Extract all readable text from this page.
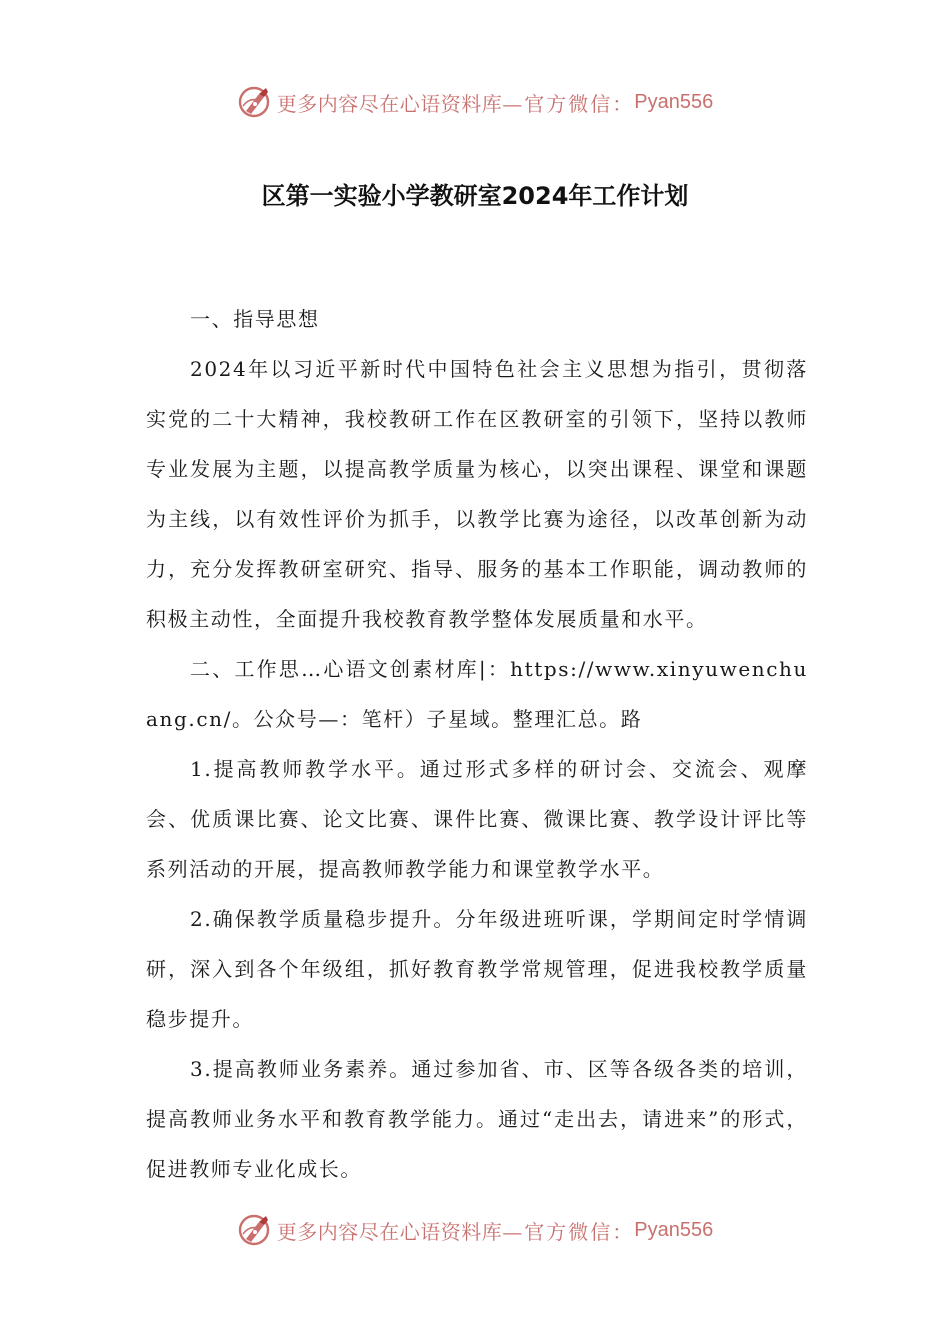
更多内容尽在心语资料库 —官方微信： Pyan556
区第一实验小学教研室2024年工作计划

一、指导思想

2024年以习近平新时代中国特色社会主义思想为指引，贯彻落实党的二十大精神，我校教研工作在区教研室的引领下，坚持以教师专业发展为主题，以提高教学质量为核心，以突出课程、课堂和课题为主线，以有效性评价为抓手，以教学比赛为途径，以改革创新为动力，充分发挥教研室研究、指导、服务的基本工作职能，调动教师的积极主动性，全面提升我校教育教学整体发展质量和水平。

二、工作思…心语文创素材库|：https://www.xinyuwenchuang.cn/。公众号—：笔杆）子星域。整理汇总。路

1.提高教师教学水平。通过形式多样的研讨会、交流会、观摩会、优质课比赛、论文比赛、课件比赛、微课比赛、教学设计评比等系列活动的开展，提高教师教学能力和课堂教学水平。

2.确保教学质量稳步提升。分年级进班听课，学期间定时学情调研，深入到各个年级组，抓好教育教学常规管理，促进我校教学质量稳步提升。

3.提高教师业务素养。通过参加省、市、区等各级各类的培训，提高教师业务水平和教育教学能力。通过“走出去，请进来”的形式，促进教师专业化成长。

更多内容尽在心语资料库 —官方微信： Pyan556
